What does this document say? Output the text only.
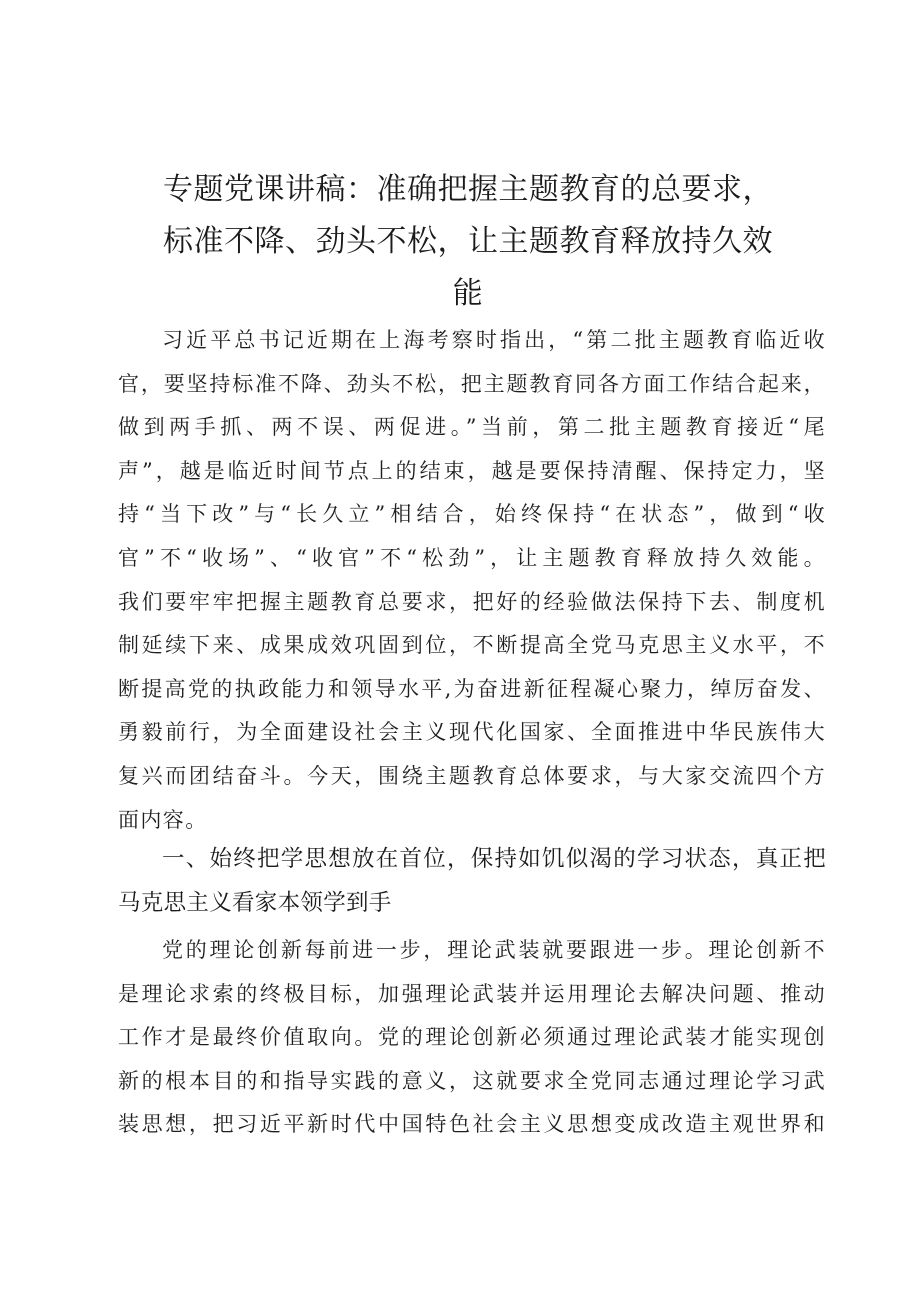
专题党课讲稿：准确把握主题教育的总要求，
标准不降、劲头不松，让主题教育释放持久效
能

习近平总书记近期在上海考察时指出，“第二批主题教育临近收
官，要坚持标准不降、劲头不松，把主题教育同各方面工作结合起来，
做到两手抓、两不误、两促进。”当前，第二批主题教育接近“尾
声”，越是临近时间节点上的结束，越是要保持清醒、保持定力，坚
持“当下改”与“长久立”相结合，始终保持“在状态”，做到“收
官”不“收场”、“收官”不“松劲”，让主题教育释放持久效能。
我们要牢牢把握主题教育总要求，把好的经验做法保持下去、制度机
制延续下来、成果成效巩固到位，不断提高全党马克思主义水平，不
断提高党的执政能力和领导水平,为奋进新征程凝心聚力，绰厉奋发、
勇毅前行，为全面建设社会主义现代化国家、全面推进中华民族伟大
复兴而团结奋斗。今天，围绕主题教育总体要求，与大家交流四个方
面内容。

一、始终把学思想放在首位，保持如饥似渴的学习状态，真正把
马克思主义看家本领学到手

党的理论创新每前进一步，理论武装就要跟进一步。理论创新不
是理论求索的终极目标，加强理论武装并运用理论去解决问题、推动
工作才是最终价值取向。党的理论创新必须通过理论武装才能实现创
新的根本目的和指导实践的意义，这就要求全党同志通过理论学习武
装思想，把习近平新时代中国特色社会主义思想变成改造主观世界和
